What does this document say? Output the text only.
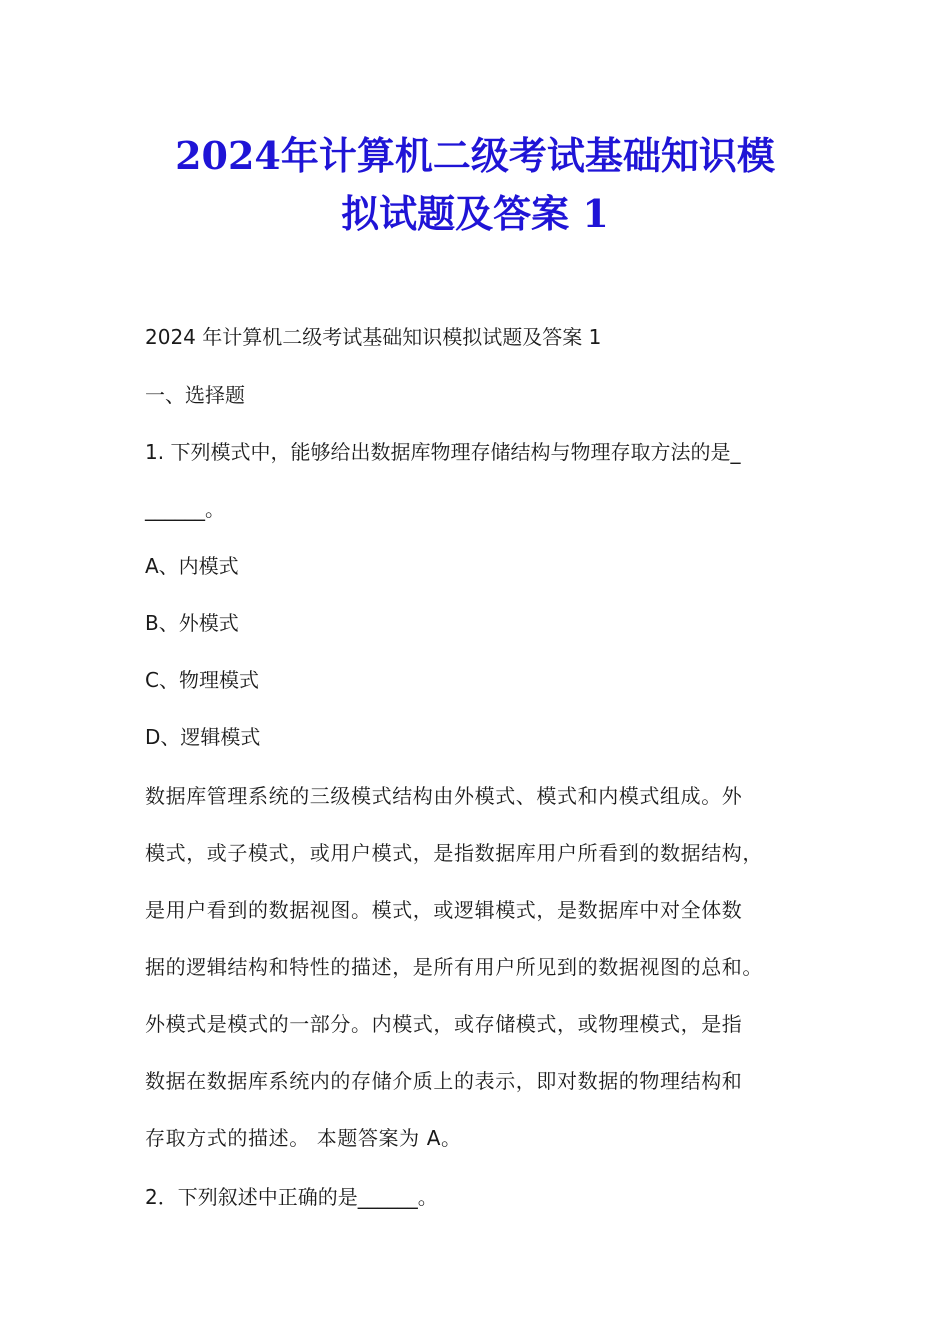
2024年计算机二级考试基础知识模
拟试题及答案 1

2024 年计算机二级考试基础知识模拟试题及答案 1

一、选择题

1. 下列模式中，能够给出数据库物理存储结构与物理存取方法的是_

______。

A、内模式

B、外模式

C、物理模式

D、逻辑模式

数据库管理系统的三级模式结构由外模式、模式和内模式组成。外

模式，或子模式，或用户模式，是指数据库用户所看到的数据结构，

是用户看到的数据视图。模式，或逻辑模式，是数据库中对全体数

据的逻辑结构和特性的描述，是所有用户所见到的数据视图的总和。

外模式是模式的一部分。内模式，或存储模式，或物理模式，是指

数据在数据库系统内的存储介质上的表示，即对数据的物理结构和

存取方式的描述。 本题答案为 A。

2．下列叙述中正确的是______。
